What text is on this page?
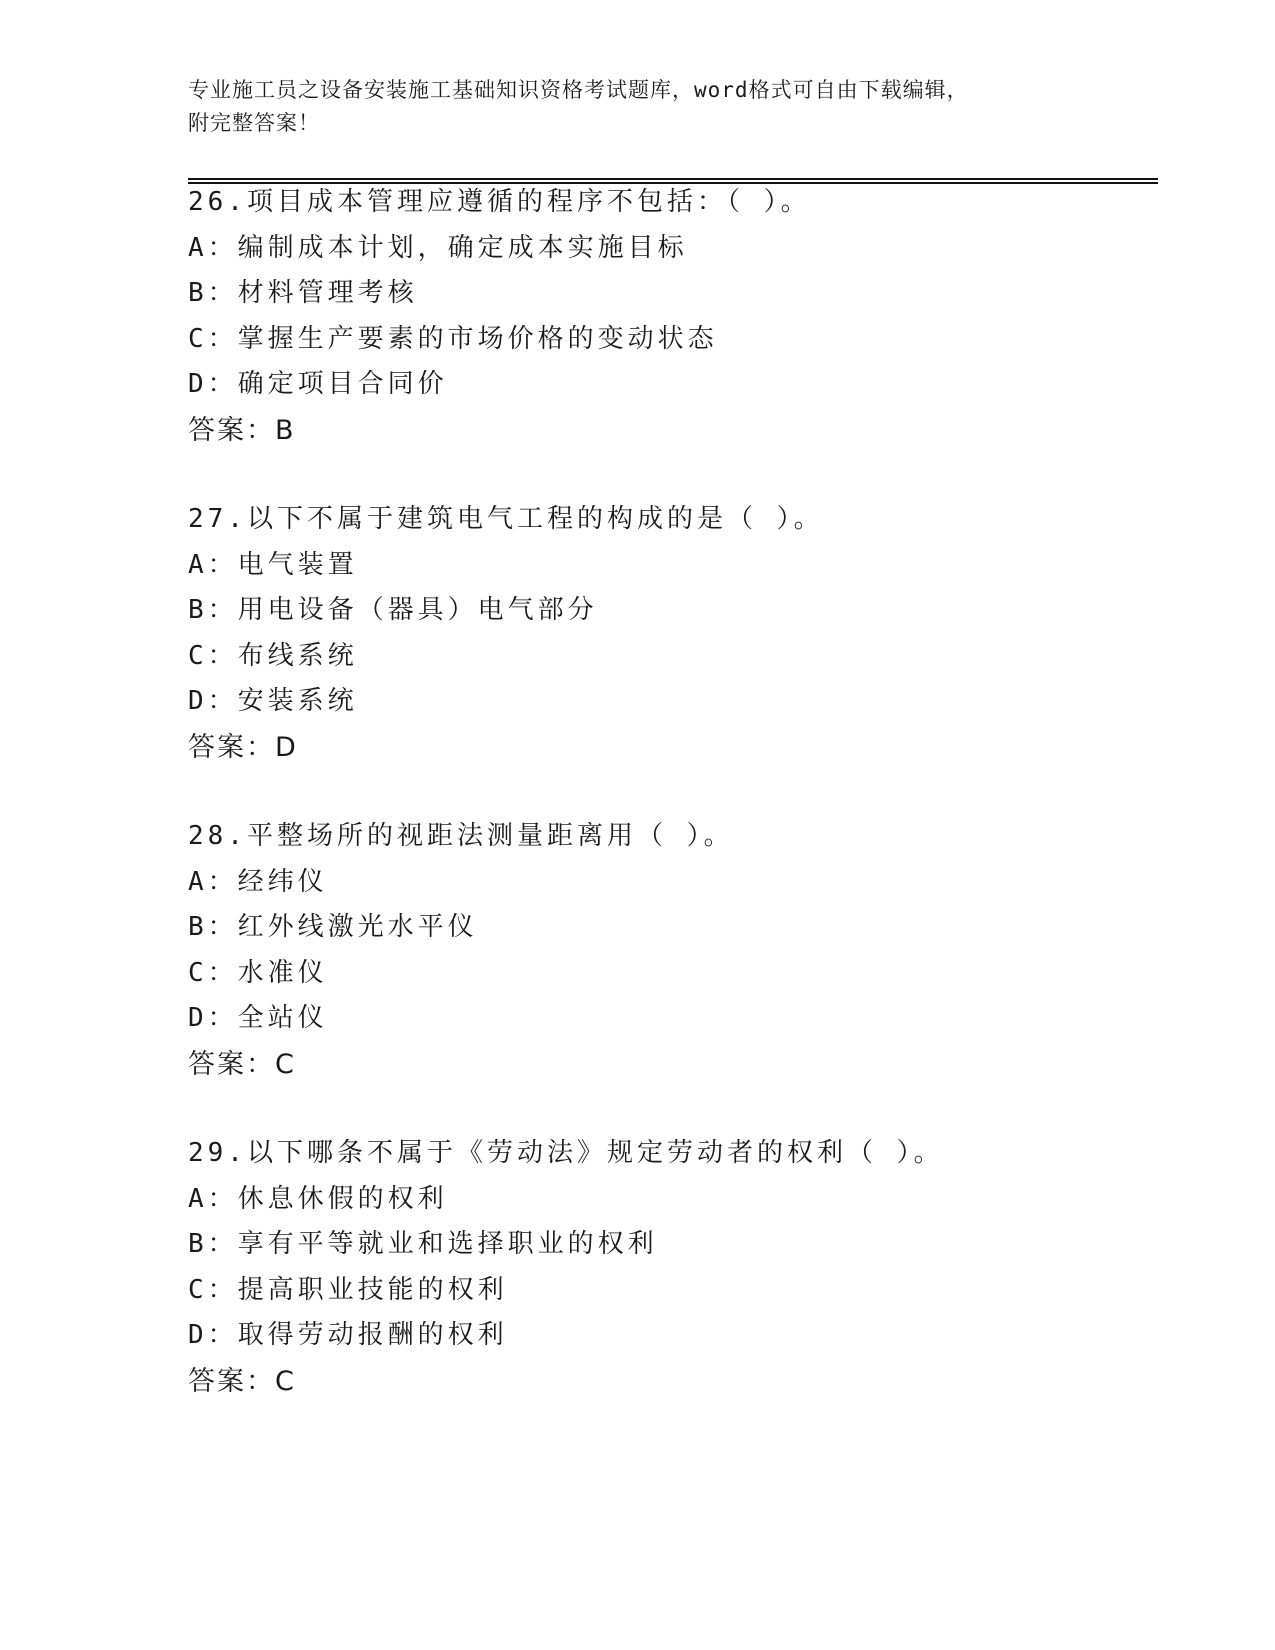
专业施工员之设备安装施工基础知识资格考试题库，word格式可自由下载编辑，
附完整答案！
26.项目成本管理应遵循的程序不包括：（ ）。
A：编制成本计划，确定成本实施目标
B：材料管理考核
C：掌握生产要素的市场价格的变动状态
D：确定项目合同价
答案：B
27.以下不属于建筑电气工程的构成的是（ ）。
A：电气装置
B：用电设备（器具）电气部分
C：布线系统
D：安装系统
答案：D
28.平整场所的视距法测量距离用（ ）。
A：经纬仪
B：红外线激光水平仪
C：水准仪
D：全站仪
答案：C
29.以下哪条不属于《劳动法》规定劳动者的权利（ ）。
A：休息休假的权利
B：享有平等就业和选择职业的权利
C：提高职业技能的权利
D：取得劳动报酬的权利
答案：C
